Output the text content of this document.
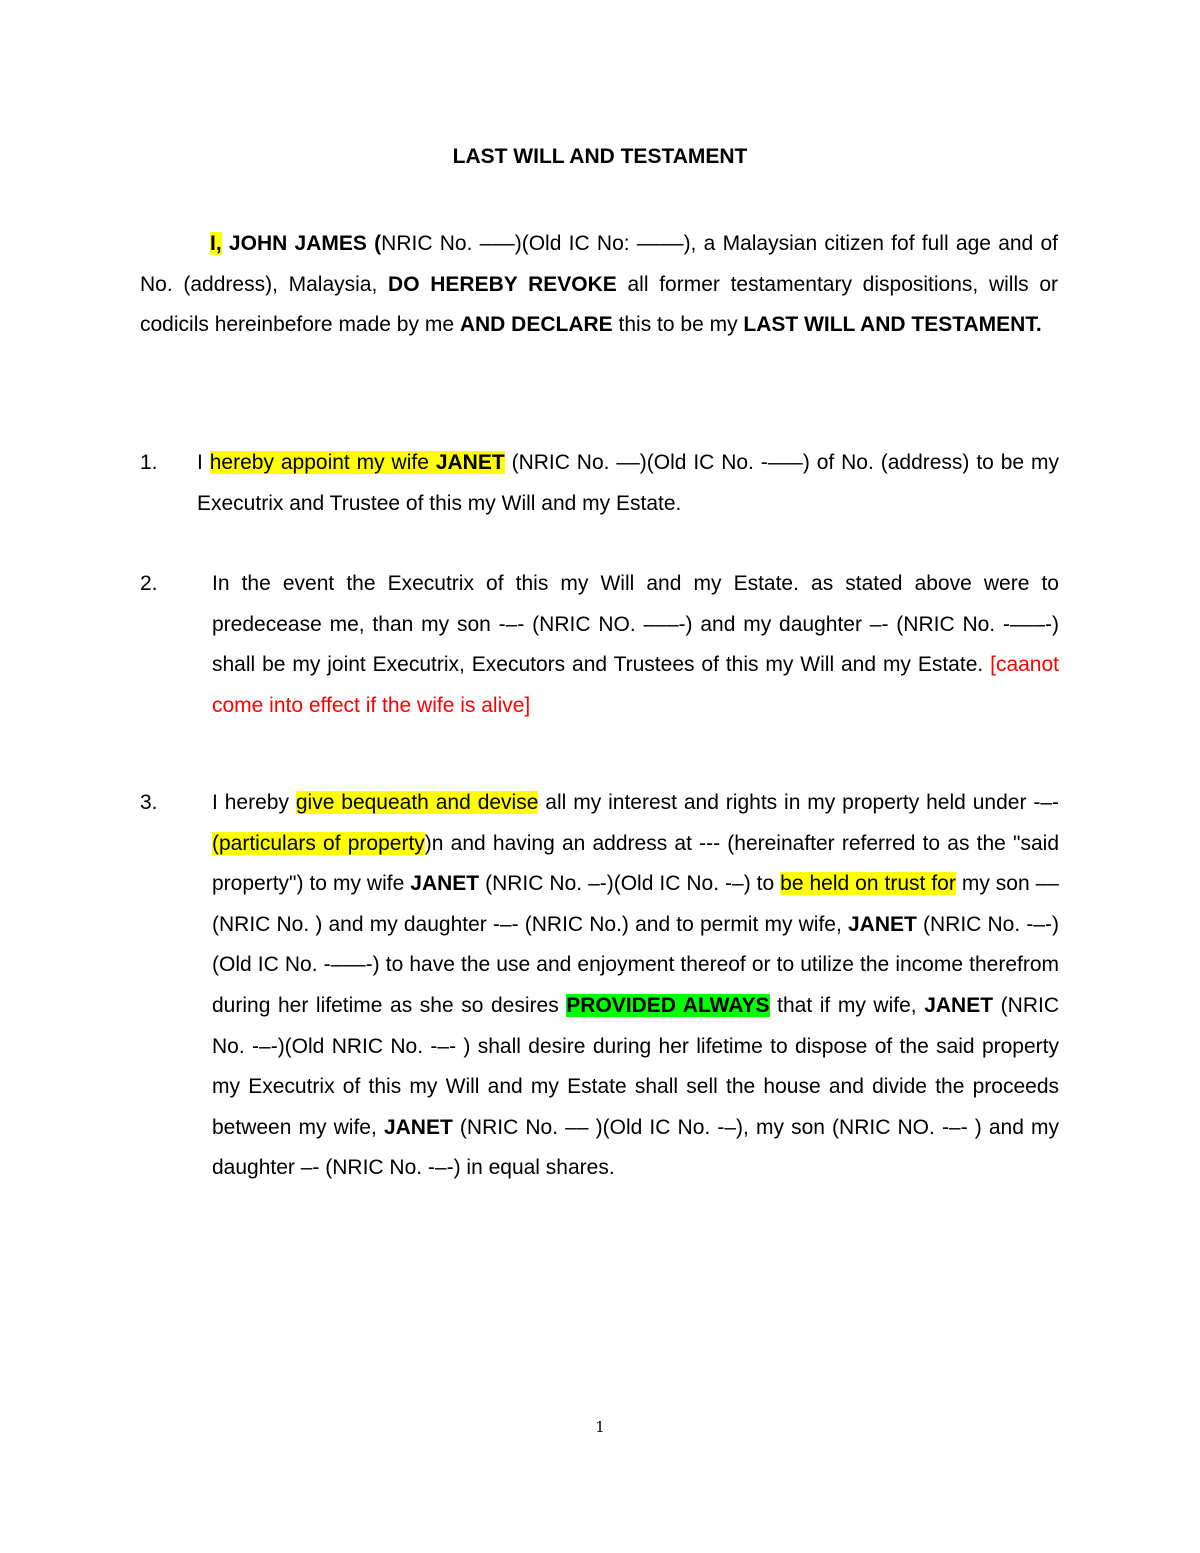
LAST WILL AND TESTAMENT
I, JOHN JAMES (NRIC No. –––)(Old IC No: ––––), a Malaysian citizen fof full age and of No. (address), Malaysia, DO HEREBY REVOKE all former testamentary dispositions, wills or codicils hereinbefore made by me AND DECLARE this to be my LAST WILL AND TESTAMENT.
1. I hereby appoint my wife JANET (NRIC No. ––)(Old IC No. -–––) of No. (address) to be my Executrix and Trustee of this my Will and my Estate.
2.	In the event the Executrix of this my Will and my Estate. as stated above were to predecease me, than my son -–- (NRIC NO. –––-) and my daughter –- (NRIC No. -–––-) shall be my joint Executrix, Executors and Trustees of this my Will and my Estate. [caanot come into effect if the wife is alive]
3.	I hereby give bequeath and devise all my interest and rights in my property held under -–- (particulars of property)n and having an address at --- (hereinafter referred to as the "said property") to my wife JANET (NRIC No. –-)(Old IC No. -–) to be held on trust for my son –– (NRIC No. ) and my daughter -–- (NRIC No.) and to permit my wife, JANET (NRIC No. -–-)(Old IC No. -–––-) to have the use and enjoyment thereof or to utilize the income therefrom during her lifetime as she so desires PROVIDED ALWAYS that if my wife, JANET (NRIC No. -–-)(Old NRIC No. -–- ) shall desire during her lifetime to dispose of the said property my Executrix of this my Will and my Estate shall sell the house and divide the proceeds between my wife, JANET (NRIC No. –– )(Old IC No. -–), my son (NRIC NO. -–- ) and my daughter –- (NRIC No. -–-) in equal shares.
1
